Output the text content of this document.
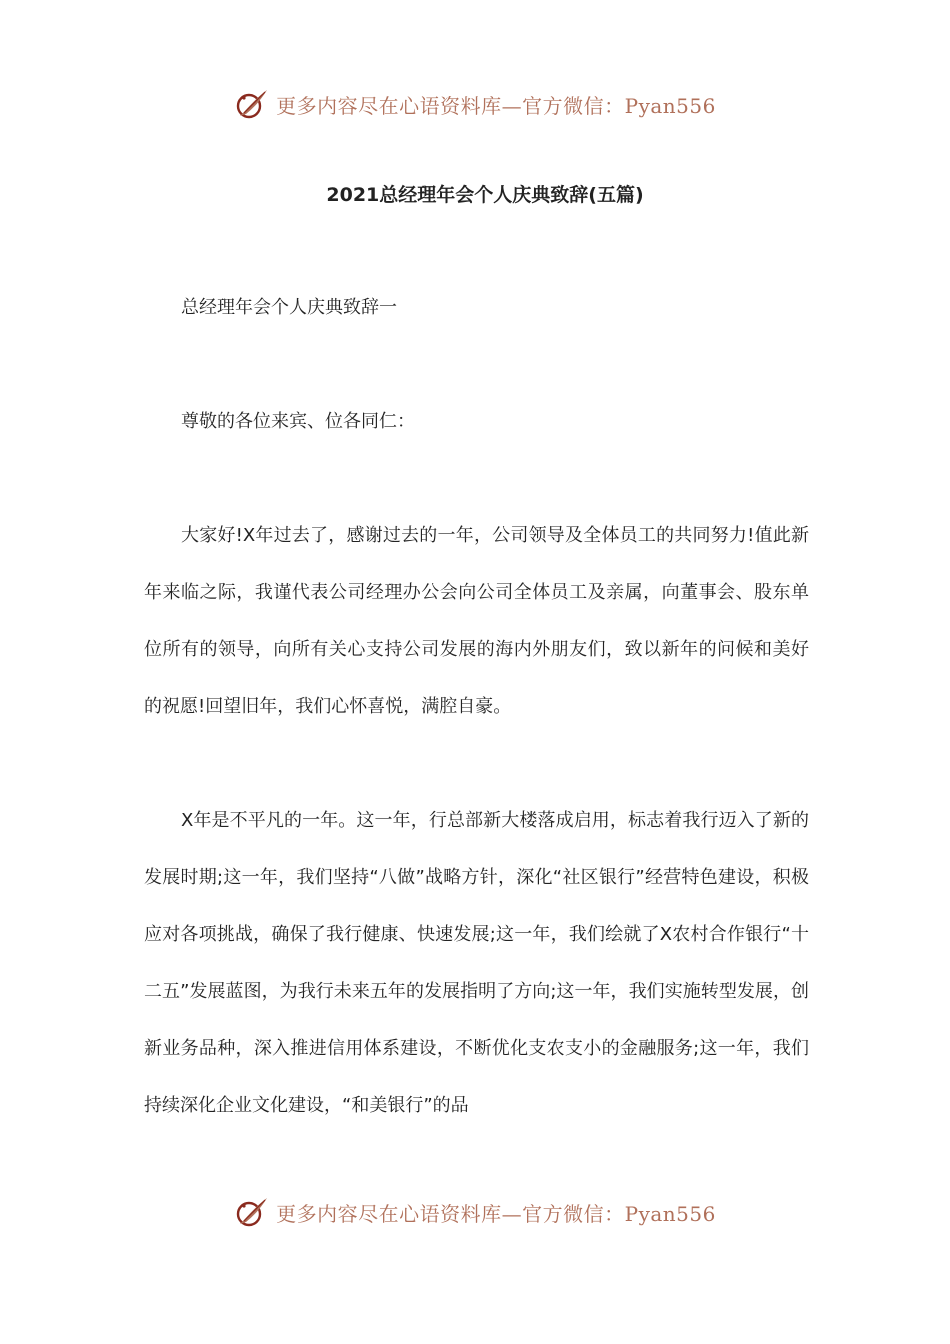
更多内容尽在心语资料库—官方微信：Pyan556
2021总经理年会个人庆典致辞(五篇)

总经理年会个人庆典致辞一

尊敬的各位来宾、位各同仁：

大家好!X年过去了，感谢过去的一年，公司领导及全体员工的共同努力!值此新年来临之际，我谨代表公司经理办公会向公司全体员工及亲属，向董事会、股东单位所有的领导，向所有关心支持公司发展的海内外朋友们，致以新年的问候和美好的祝愿!回望旧年，我们心怀喜悦，满腔自豪。

X年是不平凡的一年。这一年，行总部新大楼落成启用，标志着我行迈入了新的发展时期;这一年，我们坚持“八做”战略方针，深化“社区银行”经营特色建设，积极应对各项挑战，确保了我行健康、快速发展;这一年，我们绘就了X农村合作银行“十二五”发展蓝图，为我行未来五年的发展指明了方向;这一年，我们实施转型发展，创新业务品种，深入推进信用体系建设，不断优化支农支小的金融服务;这一年，我们持续深化企业文化建设，“和美银行”的品

更多内容尽在心语资料库—官方微信：Pyan556
